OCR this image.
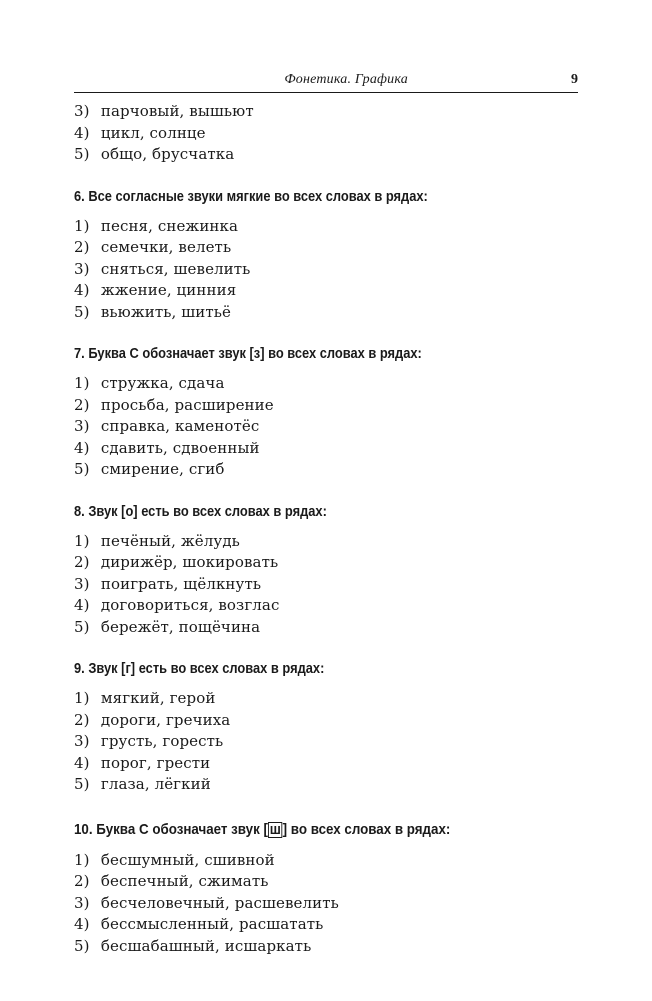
Фонетика. Графика	9
3) парчовый, вышьют
4) цикл, солнце
5) общо, брусчатка
6. Все согласные звуки мягкие во всех словах в рядах:
1) песня, снежинка
2) семечки, велеть
3) сняться, шевелить
4) жжение, цинния
5) вьюжить, шитьё
7. Буква С обозначает звук [з] во всех словах в рядах:
1) стружка, сдача
2) просьба, расширение
3) справка, каменотёс
4) сдавить, сдвоенный
5) смирение, сгиб
8. Звук [о] есть во всех словах в рядах:
1) печёный, жёлудь
2) дирижёр, шокировать
3) поиграть, щёлкнуть
4) договориться, возглас
5) бережёт, пощёчина
9. Звук [г] есть во всех словах в рядах:
1) мягкий, герой
2) дороги, гречиха
3) грусть, горесть
4) порог, грести
5) глаза, лёгкий
10. Буква С обозначает звук [ ш ] во всех словах в рядах:
1) бесшумный, сшивной
2) беспечный, сжимать
3) бесчеловечный, расшевелить
4) бессмысленный, расшатать
5) бесшабашный, исшаркать
